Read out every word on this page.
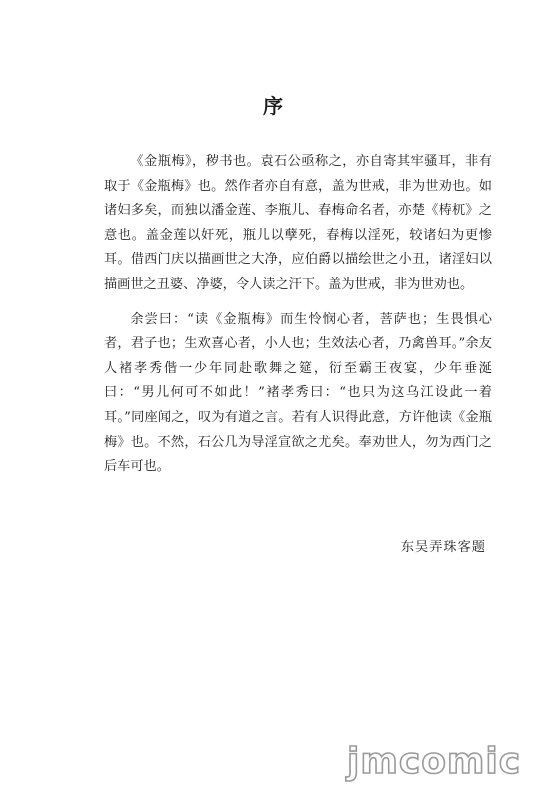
序

《金瓶梅》，秽书也。袁石公亟称之，亦自寄其牢骚耳，非有取于《金瓶梅》也。然作者亦自有意，盖为世戒，非为世劝也。如诸妇多矣，而独以潘金莲、李瓶儿、春梅命名者，亦楚《梼杌》之意也。盖金莲以奸死，瓶儿以孽死，春梅以淫死，较诸妇为更惨耳。借西门庆以描画世之大净，应伯爵以描绘世之小丑，诸淫妇以描画世之丑婆、净婆，令人读之汗下。盖为世戒，非为世劝也。

余尝曰：“读《金瓶梅》而生怜悯心者，菩萨也；生畏惧心者，君子也；生欢喜心者，小人也；生效法心者，乃禽兽耳。”余友人褚孝秀偕一少年同赴歌舞之筵，衍至霸王夜宴，少年垂涎曰：“男儿何可不如此！”褚孝秀曰：“也只为这乌江设此一着耳。”同座闻之，叹为有道之言。若有人识得此意，方许他读《金瓶梅》也。不然，石公几为导淫宣欲之尤矣。奉劝世人，勿为西门之后车可也。

东吴弄珠客题
jmcomic
